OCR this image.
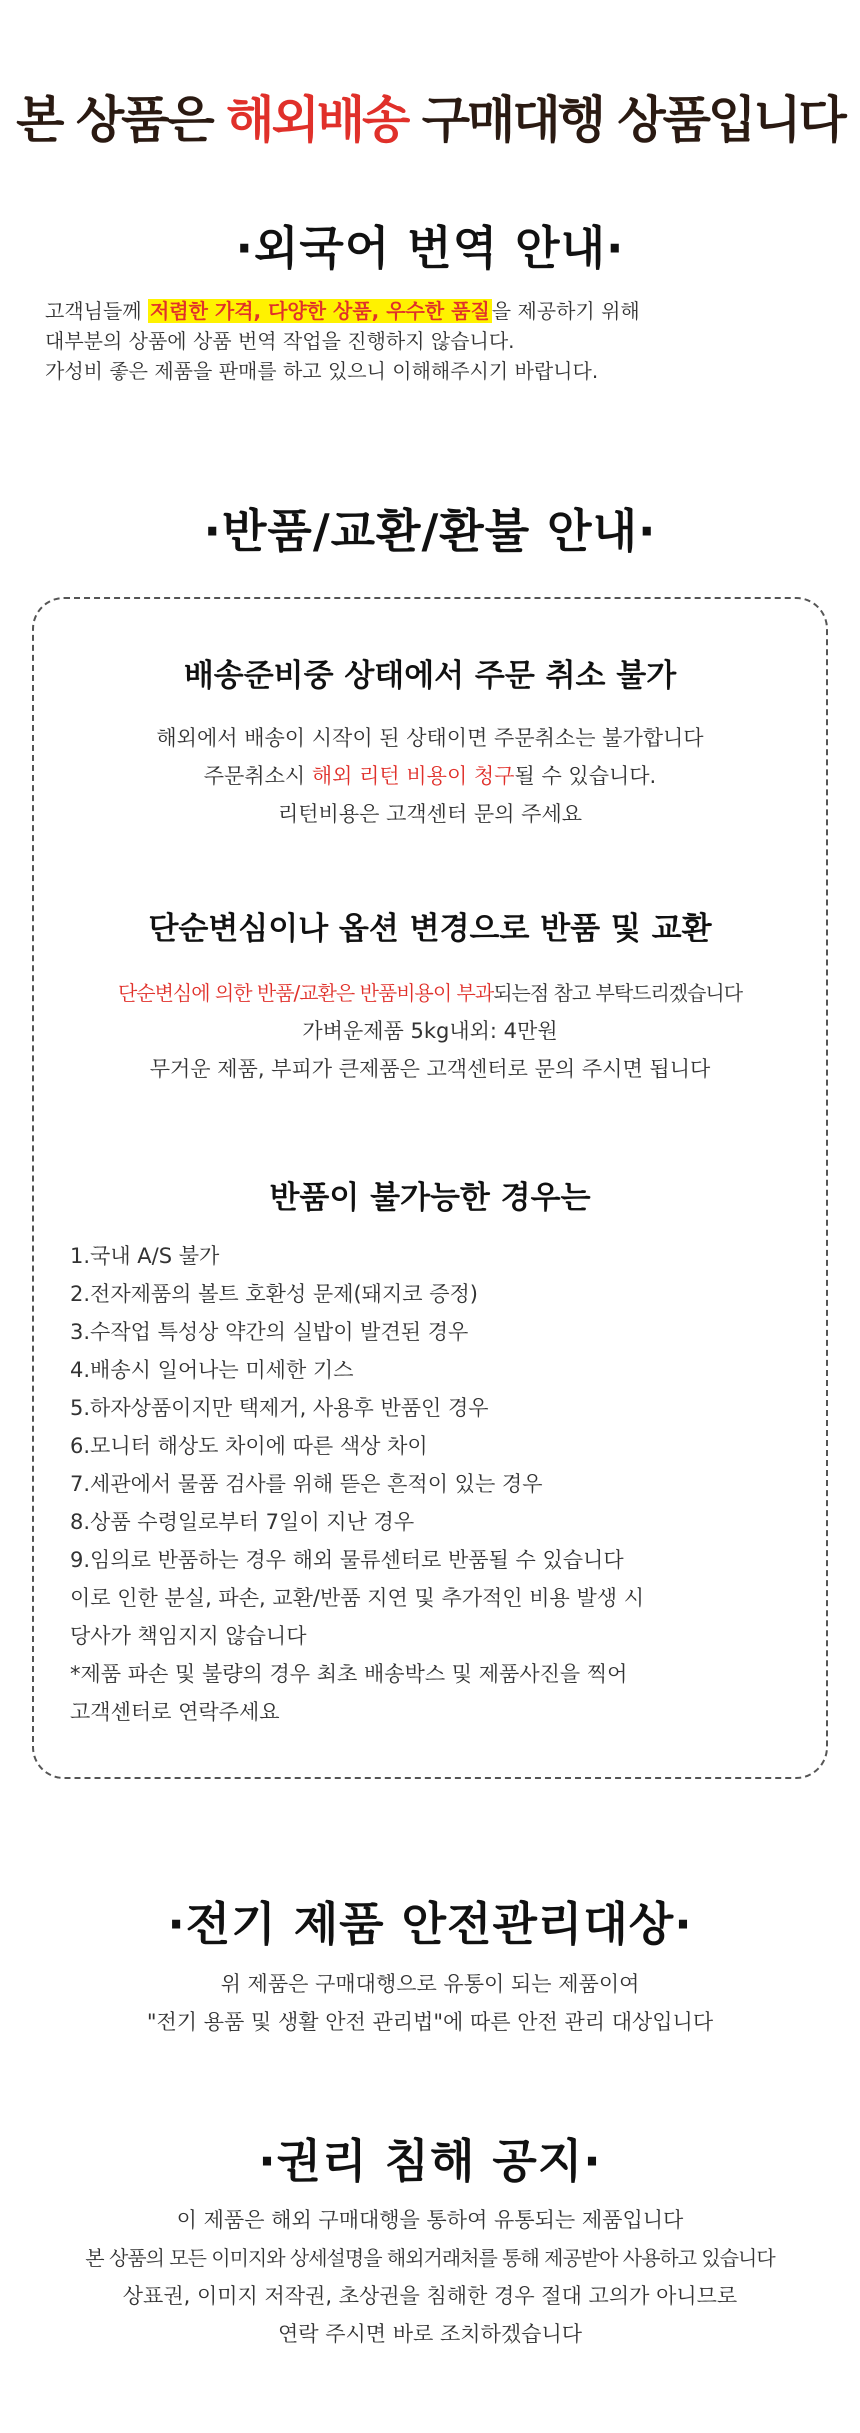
본 상품은 해외배송 구매대행 상품입니다
·외국어 번역 안내·
고객님들께 저렴한 가격, 다양한 상품, 우수한 품질 을 제공하기 위해
대부분의 상품에 상품 번역 작업을 진행하지 않습니다.
가성비 좋은 제품을 판매를 하고 있으니 이해해주시기 바랍니다.
·반품/교환/환불 안내·
배송준비중 상태에서 주문 취소 불가
해외에서 배송이 시작이 된 상태이면 주문취소는 불가합니다
주문취소시 해외 리턴 비용이 청구될 수 있습니다.
리턴비용은 고객센터 문의 주세요
단순변심이나 옵션 변경으로 반품 및 교환
단순변심에 의한 반품/교환은 반품비용이 부과되는점 참고 부탁드리겠습니다
가벼운제품 5kg내외: 4만원
무거운 제품, 부피가 큰제품은 고객센터로 문의 주시면 됩니다
반품이 불가능한 경우는
1.국내 A/S 불가
2.전자제품의 볼트 호환성 문제(돼지코 증정)
3.수작업 특성상 약간의 실밥이 발견된 경우
4.배송시 일어나는 미세한 기스
5.하자상품이지만 택제거, 사용후 반품인 경우
6.모니터 해상도 차이에 따른 색상 차이
7.세관에서 물품 검사를 위해 뜯은 흔적이 있는 경우
8.상품 수령일로부터 7일이 지난 경우
9.임의로 반품하는 경우 해외 물류센터로 반품될 수 있습니다
이로 인한 분실, 파손, 교환/반품 지연 및 추가적인 비용 발생 시
당사가 책임지지 않습니다
*제품 파손 및 불량의 경우 최초 배송박스 및 제품사진을 찍어
고객센터로 연락주세요
·전기 제품 안전관리대상·
위 제품은 구매대행으로 유통이 되는 제품이여
"전기 용품 및 생활 안전 관리법"에 따른 안전 관리 대상입니다
·권리 침해 공지·
이 제품은 해외 구매대행을 통하여 유통되는 제품입니다
본 상품의 모든 이미지와 상세설명을 해외거래처를 통해 제공받아 사용하고 있습니다
상표권, 이미지 저작권, 초상권을 침해한 경우 절대 고의가 아니므로
연락 주시면 바로 조치하겠습니다
